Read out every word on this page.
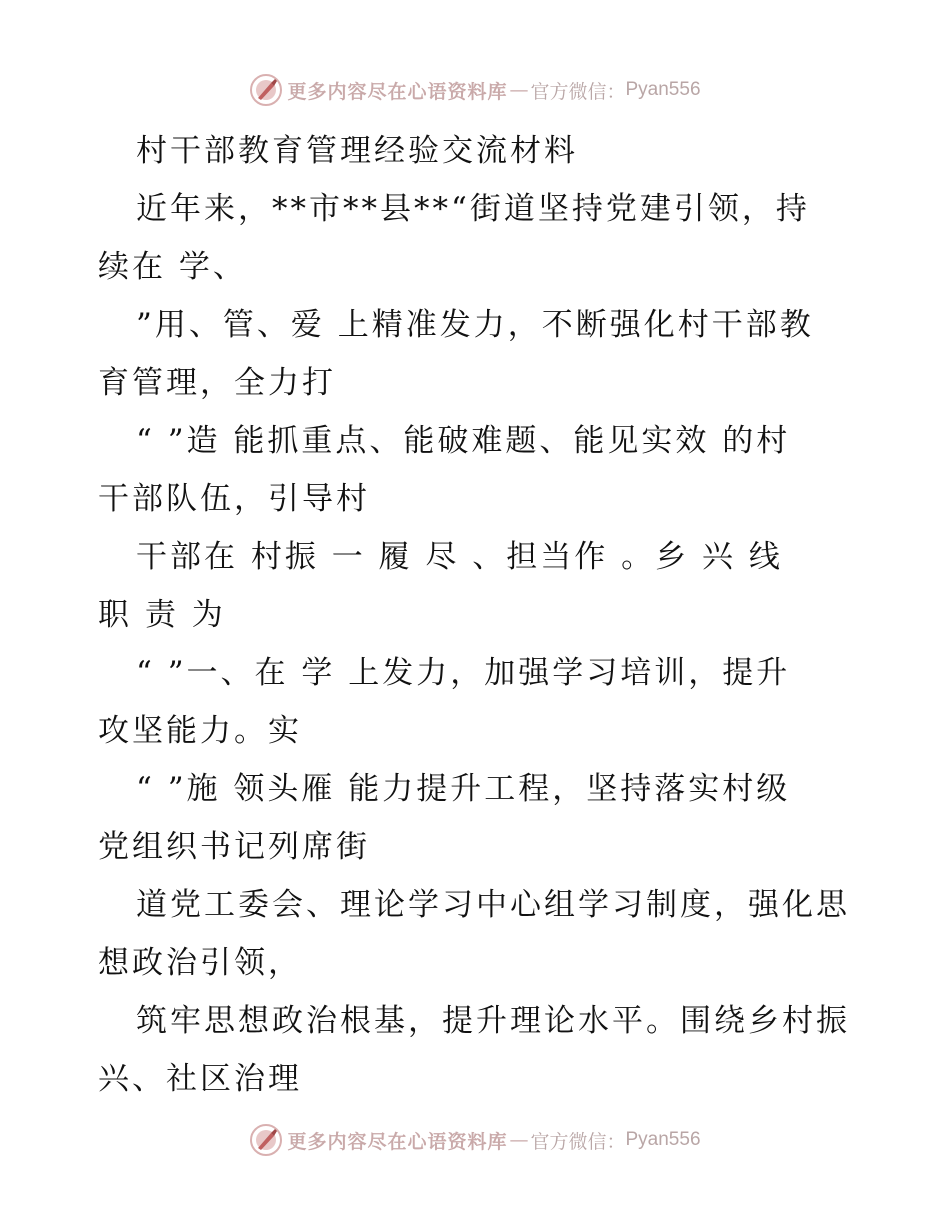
更多内容尽在心语资料库 — 官方微信： Pyan556
村干部教育管理经验交流材料
近年来，**市**县**“街道坚持党建引领，持
续在 学、
”用、管、爱 上精准发力，不断强化村干部教
育管理，全力打
“ ”造 能抓重点、能破难题、能见实效 的村
干部队伍，引导村
干部在 村振 一 履 尽 、担当作 。乡 兴 线
职 责 为
“ ”一、在 学 上发力，加强学习培训，提升
攻坚能力。实
“ ”施 领头雁 能力提升工程，坚持落实村级
党组织书记列席街
道党工委会、理论学习中心组学习制度，强化思
想政治引领，
筑牢思想政治根基，提升理论水平。围绕乡村振
兴、社区治理
更多内容尽在心语资料库 — 官方微信： Pyan556
